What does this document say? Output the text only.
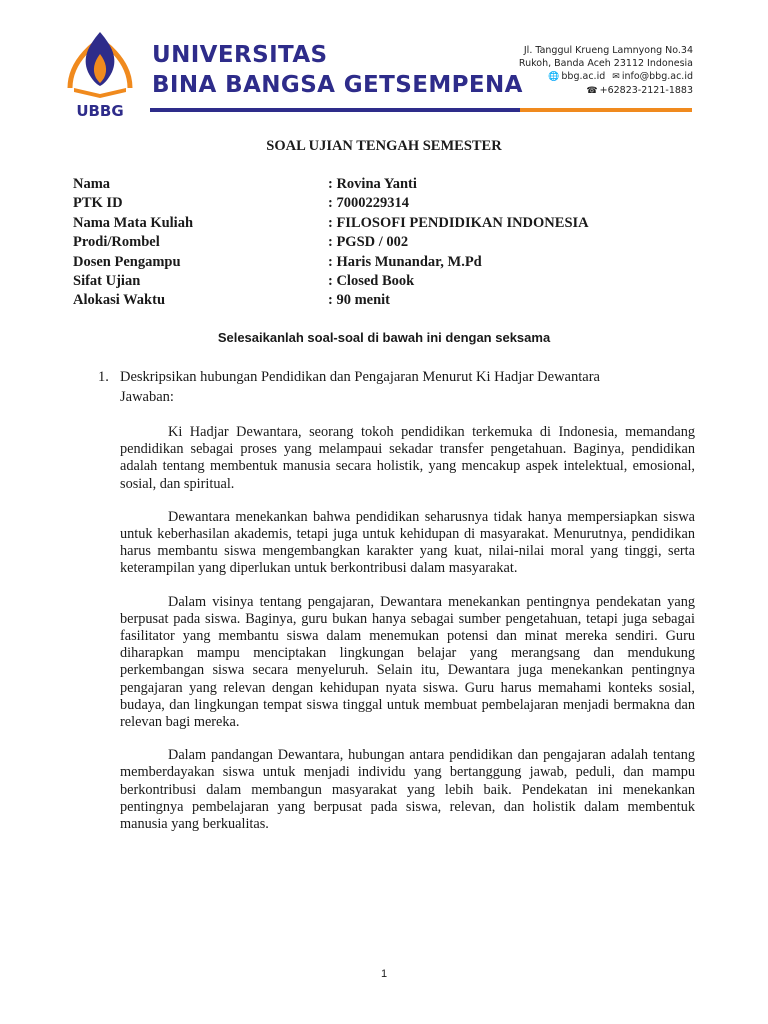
UBBG
UNIVERSITAS
BINA BANGSA GETSEMPENA
Jl. Tanggul Krueng Lamnyong No.34
Rukoh, Banda Aceh 23112 Indonesia
🌐 bbg.ac.id ✉ info@bbg.ac.id
☎ +62823-2121-1883
SOAL UJIAN TENGAH SEMESTER
Nama	: Rovina Yanti
PTK ID	: 7000229314
Nama Mata Kuliah	: FILOSOFI PENDIDIKAN INDONESIA
Prodi/Rombel	: PGSD / 002
Dosen Pengampu	: Haris Munandar, M.Pd
Sifat Ujian	: Closed Book
Alokasi Waktu	: 90 menit
Selesaikanlah soal-soal di bawah ini dengan seksama
1. Deskripsikan hubungan Pendidikan dan Pengajaran Menurut Ki Hadjar Dewantara
Jawaban:

Ki Hadjar Dewantara, seorang tokoh pendidikan terkemuka di Indonesia, memandang pendidikan sebagai proses yang melampaui sekadar transfer pengetahuan. Baginya, pendidikan adalah tentang membentuk manusia secara holistik, yang mencakup aspek intelektual, emosional, sosial, dan spiritual.

Dewantara menekankan bahwa pendidikan seharusnya tidak hanya mempersiapkan siswa untuk keberhasilan akademis, tetapi juga untuk kehidupan di masyarakat. Menurutnya, pendidikan harus membantu siswa mengembangkan karakter yang kuat, nilai-nilai moral yang tinggi, serta keterampilan yang diperlukan untuk berkontribusi dalam masyarakat.

Dalam visinya tentang pengajaran, Dewantara menekankan pentingnya pendekatan yang berpusat pada siswa. Baginya, guru bukan hanya sebagai sumber pengetahuan, tetapi juga sebagai fasilitator yang membantu siswa dalam menemukan potensi dan minat mereka sendiri. Guru diharapkan mampu menciptakan lingkungan belajar yang merangsang dan mendukung perkembangan siswa secara menyeluruh. Selain itu, Dewantara juga menekankan pentingnya pengajaran yang relevan dengan kehidupan nyata siswa. Guru harus memahami konteks sosial, budaya, dan lingkungan tempat siswa tinggal untuk membuat pembelajaran menjadi bermakna dan relevan bagi mereka.

Dalam pandangan Dewantara, hubungan antara pendidikan dan pengajaran adalah tentang memberdayakan siswa untuk menjadi individu yang bertanggung jawab, peduli, dan mampu berkontribusi dalam membangun masyarakat yang lebih baik. Pendekatan ini menekankan pentingnya pembelajaran yang berpusat pada siswa, relevan, dan holistik dalam membentuk manusia yang berkualitas.

1
